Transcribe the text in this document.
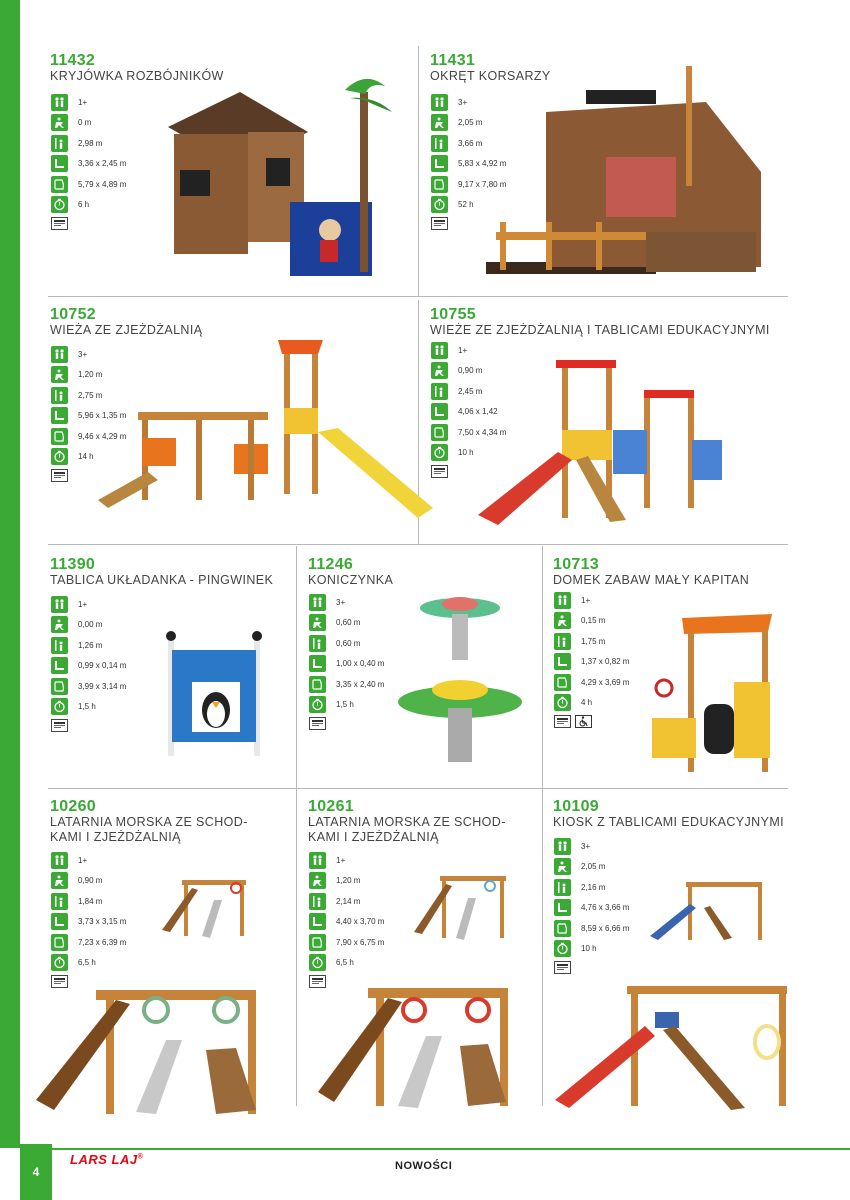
4
LARS LAJ®
NOWOŚCI
11432
KRYJÓWKA ROZBÓJNIKÓW
1+
0 m
2,98 m
3,36 x 2,45 m
5,79 x 4,89 m
6 h
11431
OKRĘT KORSARZY
3+
2,05 m
3,66 m
5,83 x 4,92 m
9,17 x 7,80 m
52 h
10752
WIEŻA ZE ZJEŻDŻALNIĄ
3+
1,20 m
2,75 m
5,96 x 1,35 m
9,46 x 4,29 m
14 h
10755
WIEŻE ZE ZJEŻDŻALNIĄ I TABLICAMI EDUKACYJNYMI
1+
0,90 m
2,45 m
4,06 x 1,42
7,50 x 4,34 m
10 h
11390
TABLICA UKŁADANKA - PINGWINEK
1+
0,00 m
1,26 m
0,99 x 0,14 m
3,99 x 3,14 m
1,5 h
11246
KONICZYNKA
3+
0,60 m
0,60 m
1,00 x 0,40 m
3,35 x 2,40 m
1,5 h
10713
DOMEK ZABAW MAŁY KAPITAN
1+
0,15 m
1,75 m
1,37 x 0,82 m
4,29 x 3,69 m
4 h
10260
LATARNIA MORSKA ZE SCHOD-
KAMI I ZJEŻDŻALNIĄ
1+
0,90 m
1,84 m
3,73 x 3,15 m
7,23 x 6,39 m
6,5 h
10261
LATARNIA MORSKA ZE SCHOD-
KAMI I ZJEŻDŻALNIĄ
1+
1,20 m
2,14 m
4,40 x 3,70 m
7,90 x 6,75 m
6,5 h
10109
KIOSK Z TABLICAMI EDUKACYJNYMI
3+
2,05 m
2,16 m
4,76 x 3,66 m
8,59 x 6,66 m
10 h
